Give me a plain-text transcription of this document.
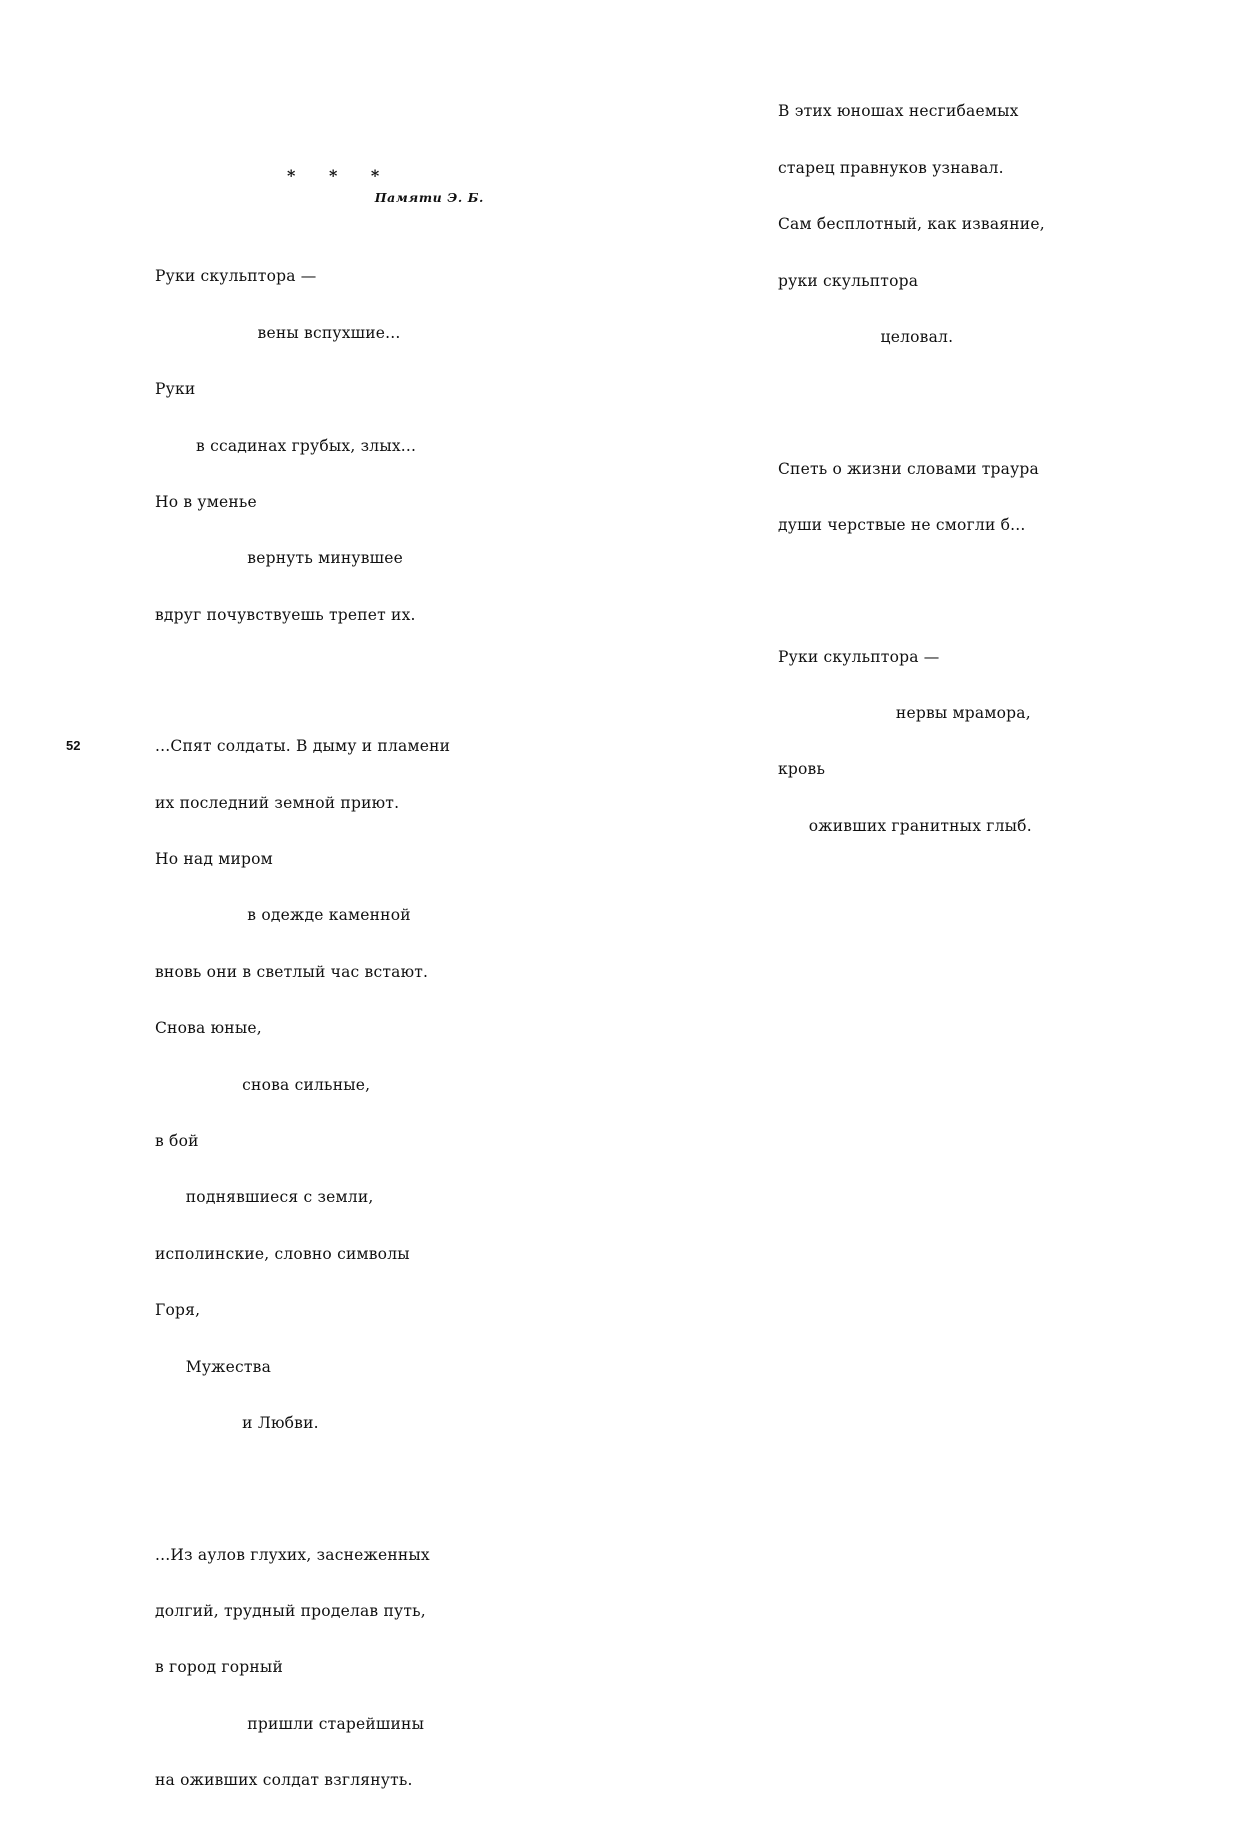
* * *
Памяти Э. Б.

Руки скульптора —

вены вспухшие...

Руки

в ссадинах грубых, злых...

Но в уменье

вернуть минувшее

вдруг почувствуешь трепет их.

...Спят солдаты. В дыму и пламени

их последний земной приют.

Но над миром

в одежде каменной

вновь они в светлый час встают.

Снова юные,

снова сильные,

в бой

поднявшиеся с земли,

исполинские, словно символы

Горя,

Мужества

и Любви.

...Из аулов глухих, заснеженных

долгий, трудный проделав путь,

в город горный

пришли старейшины

на оживших солдат взглянуть.

52

В этих юношах несгибаемых

старец правнуков узнавал.

Сам бесплотный, как изваяние,

руки скульптора

целовал.

Спеть о жизни словами траура

души черствые не смогли б...

Руки скульптора —

нервы мрамора,

кровь

оживших гранитных глыб.
